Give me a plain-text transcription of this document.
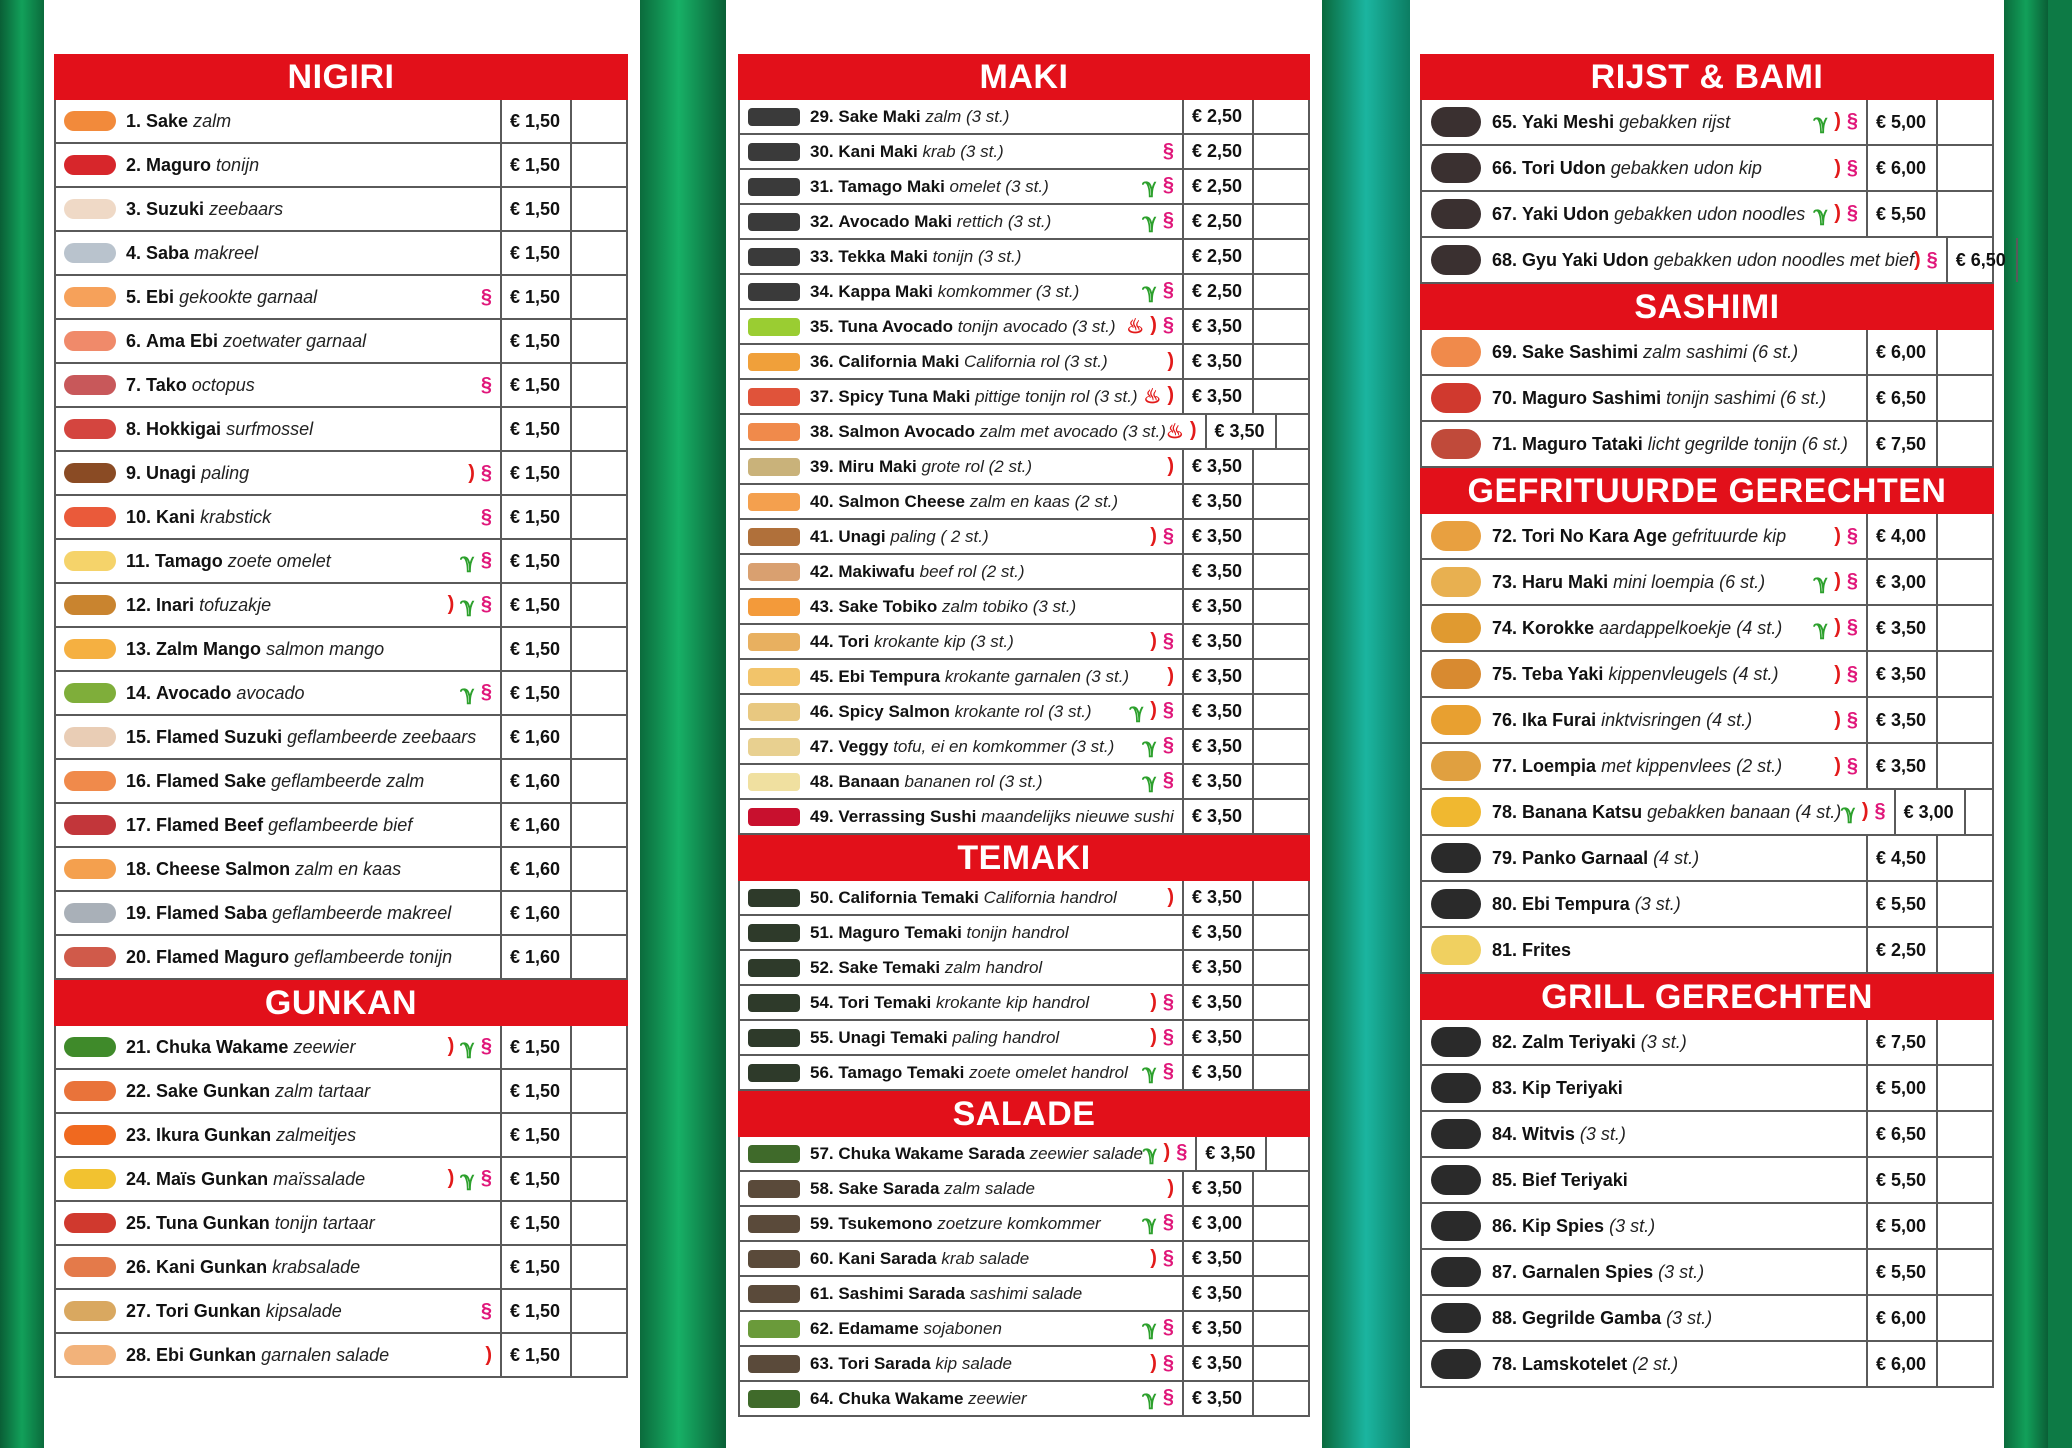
NIGIRI
1. Sake zalm	€ 1,50
2. Maguro tonijn	€ 1,50
3. Suzuki zeebaars	€ 1,50
4. Saba makreel	€ 1,50
5. Ebi gekookte garnaal	§	€ 1,50
6. Ama Ebi zoetwater garnaal	€ 1,50
7. Tako octopus	§	€ 1,50
8. Hokkigai surfmossel	€ 1,50
9. Unagi paling	) §	€ 1,50
10. Kani krabstick	§	€ 1,50
11. Tamago zoete omelet	ℽ §	€ 1,50
12. Inari tofuzakje	) ℽ §	€ 1,50
13. Zalm Mango salmon mango	€ 1,50
14. Avocado avocado	ℽ §	€ 1,50
15. Flamed Suzuki geflambeerde zeebaars	€ 1,60
16. Flamed Sake geflambeerde zalm	€ 1,60
17. Flamed Beef geflambeerde bief	€ 1,60
18. Cheese Salmon zalm en kaas	€ 1,60
19. Flamed Saba geflambeerde makreel	€ 1,60
20. Flamed Maguro geflambeerde tonijn	€ 1,60
GUNKAN
21. Chuka Wakame zeewier	) ℽ §	€ 1,50
22. Sake Gunkan zalm tartaar	€ 1,50
23. Ikura Gunkan zalmeitjes	€ 1,50
24. Maïs Gunkan maïssalade	) ℽ §	€ 1,50
25. Tuna Gunkan tonijn tartaar	€ 1,50
26. Kani Gunkan krabsalade	€ 1,50
27. Tori Gunkan kipsalade	§	€ 1,50
28. Ebi Gunkan garnalen salade	)	€ 1,50
MAKI
29. Sake Maki zalm (3 st.)	€ 2,50
30. Kani Maki krab (3 st.)	§	€ 2,50
31. Tamago Maki omelet (3 st.)	ℽ §	€ 2,50
32. Avocado Maki rettich (3 st.)	ℽ §	€ 2,50
33. Tekka Maki tonijn (3 st.)	€ 2,50
34. Kappa Maki komkommer (3 st.)	ℽ §	€ 2,50
35. Tuna Avocado tonijn avocado (3 st.) ♨ ) §	€ 3,50
36. California Maki California rol (3 st.)	)	€ 3,50
37. Spicy Tuna Maki pittige tonijn rol (3 st.) ♨ )	€ 3,50
38. Salmon Avocado zalm met avocado (3 st.) ♨ )	€ 3,50
39. Miru Maki grote rol (2 st.)	)	€ 3,50
40. Salmon Cheese zalm en kaas (2 st.)	€ 3,50
41. Unagi paling ( 2 st.)	) §	€ 3,50
42. Makiwafu beef rol (2 st.)	€ 3,50
43. Sake Tobiko zalm tobiko (3 st.)	€ 3,50
44. Tori krokante kip (3 st.)	) §	€ 3,50
45. Ebi Tempura krokante garnalen (3 st.)	)	€ 3,50
46. Spicy Salmon krokante rol (3 st.)	ℽ ) §	€ 3,50
47. Veggy tofu, ei en komkommer (3 st.)	ℽ §	€ 3,50
48. Banaan bananen rol (3 st.)	ℽ §	€ 3,50
49. Verrassing Sushi maandelijks nieuwe sushi	€ 3,50
TEMAKI
50. California Temaki California handrol	)	€ 3,50
51. Maguro Temaki tonijn handrol	€ 3,50
52. Sake Temaki zalm handrol	€ 3,50
54. Tori Temaki krokante kip handrol	) §	€ 3,50
55. Unagi Temaki paling handrol	) §	€ 3,50
56. Tamago Temaki zoete omelet handrol ℽ §	€ 3,50
SALADE
57. Chuka Wakame Sarada zeewier salade ℽ ) §	€ 3,50
58. Sake Sarada zalm salade	)	€ 3,50
59. Tsukemono zoetzure komkommer	ℽ §	€ 3,00
60. Kani Sarada krab salade	) §	€ 3,50
61. Sashimi Sarada sashimi salade	€ 3,50
62. Edamame sojabonen	ℽ §	€ 3,50
63. Tori Sarada kip salade	) §	€ 3,50
64. Chuka Wakame zeewier	ℽ §	€ 3,50
RIJST & BAMI
65. Yaki Meshi gebakken rijst	ℽ ) §	€ 5,00
66. Tori Udon gebakken udon kip	) §	€ 6,00
67. Yaki Udon gebakken udon noodles ℽ ) §	€ 5,50
68. Gyu Yaki Udon gebakken udon noodles met bief ) §	€ 6,50
SASHIMI
69. Sake Sashimi zalm sashimi (6 st.)	€ 6,00
70. Maguro Sashimi tonijn sashimi (6 st.)	€ 6,50
71. Maguro Tataki licht gegrilde tonijn (6 st.)	€ 7,50
GEFRITUURDE GERECHTEN
72. Tori No Kara Age gefrituurde kip	) §	€ 4,00
73. Haru Maki mini loempia (6 st.)	ℽ ) §	€ 3,00
74. Korokke aardappelkoekje (4 st.)	ℽ ) §	€ 3,50
75. Teba Yaki kippenvleugels (4 st.)	) §	€ 3,50
76. Ika Furai inktvisringen (4 st.)	) §	€ 3,50
77. Loempia met kippenvlees (2 st.)	) §	€ 3,50
78. Banana Katsu gebakken banaan (4 st.) ℽ ) §	€ 3,00
79. Panko Garnaal (4 st.)	€ 4,50
80. Ebi Tempura (3 st.)	€ 5,50
81. Frites	€ 2,50
GRILL GERECHTEN
82. Zalm Teriyaki (3 st.)	€ 7,50
83. Kip Teriyaki	€ 5,00
84. Witvis (3 st.)	€ 6,50
85. Bief Teriyaki	€ 5,50
86. Kip Spies (3 st.)	€ 5,00
87. Garnalen Spies (3 st.)	€ 5,50
88. Gegrilde Gamba (3 st.)	€ 6,00
78. Lamskotelet (2 st.)	€ 6,00
